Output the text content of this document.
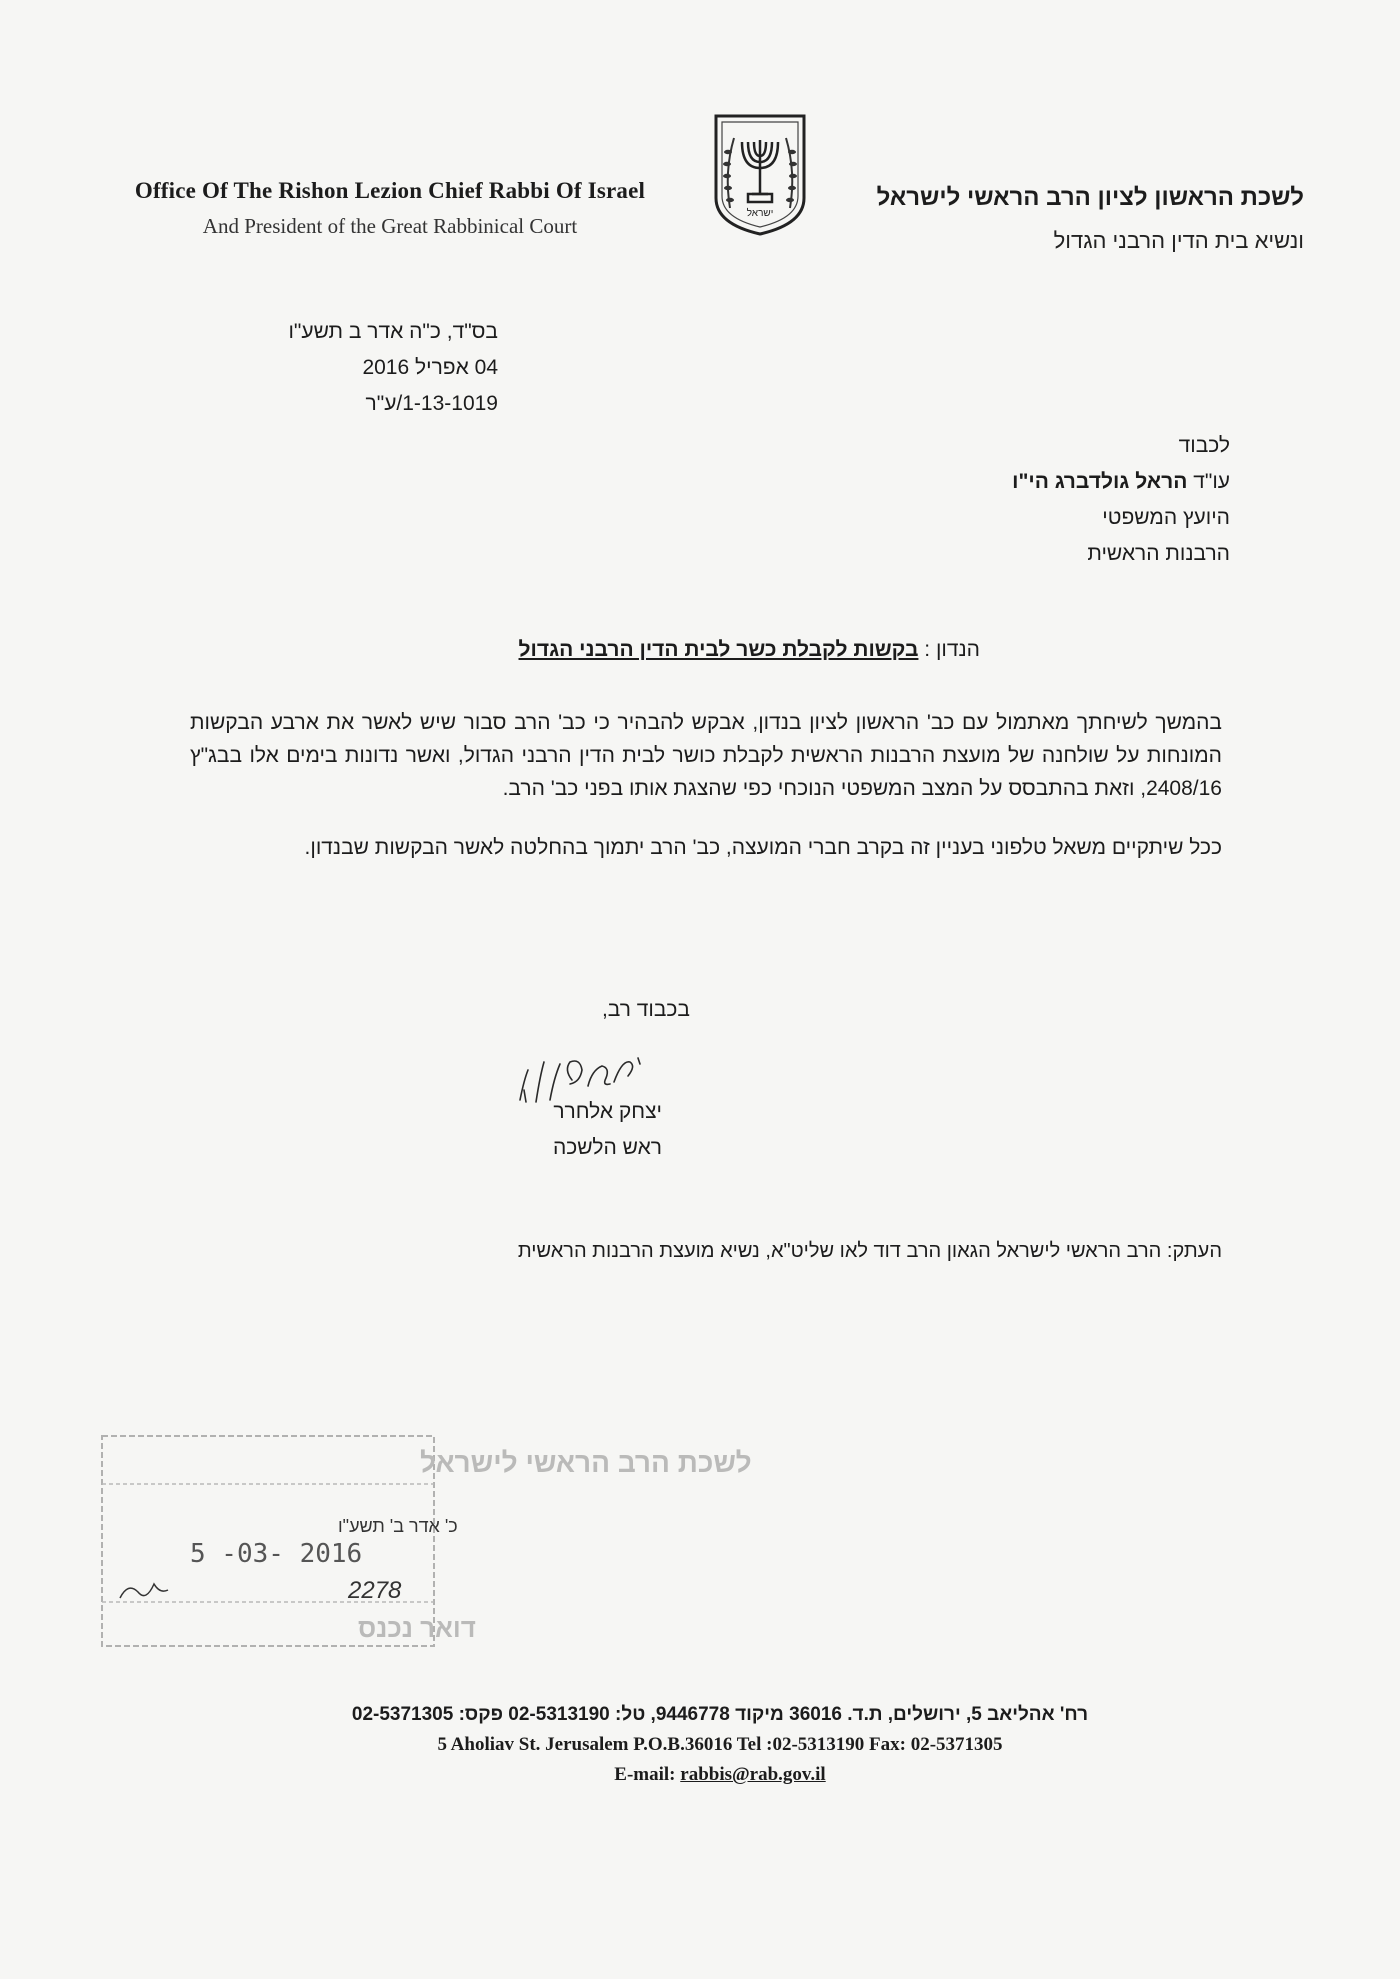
Office Of The Rishon Lezion Chief Rabbi Of Israel
And President of the Great Rabbinical Court
ישראל
לשכת הראשון לציון הרב הראשי לישראל
ונשיא בית הדין הרבני הגדול
בס"ד, כ"ה אדר ב תשע"ו
04 אפריל 2016
1-13-1019/ע"ר
לכבוד
עו"ד הראל גולדברג הי"ו
היועץ המשפטי
הרבנות הראשית
הנדון : בקשות לקבלת כשר לבית הדין הרבני הגדול

בהמשך לשיחתך מאתמול עם כב' הראשון לציון בנדון, אבקש להבהיר כי כב' הרב סבור שיש לאשר את ארבע הבקשות המונחות על שולחנה של מועצת הרבנות הראשית לקבלת כושר לבית הדין הרבני הגדול, ואשר נדונות בימים אלו בבג"ץ 2408/16, וזאת בהתבסס על המצב המשפטי הנוכחי כפי שהצגת אותו בפני כב' הרב.

ככל שיתקיים משאל טלפוני בעניין זה בקרב חברי המועצה, כב' הרב יתמוך בהחלטה לאשר הבקשות שבנדון.

בכבוד רב,
יצחק אלחרר
ראש הלשכה
העתק: הרב הראשי לישראל הגאון הרב דוד לאו שליט"א, נשיא מועצת הרבנות הראשית
לשכת הרב הראשי לישראל
דואר נכנס
כ' אדר ב' תשע"ו
5 -03- 2016
2278
רח' אהליאב 5, ירושלים, ת.ד. 36016 מיקוד 9446778, טל: 02-5313190 פקס: 02-5371305
5 Aholiav St. Jerusalem P.O.B.36016 Tel :02-5313190 Fax: 02-5371305
E-mail: rabbis@rab.gov.il
